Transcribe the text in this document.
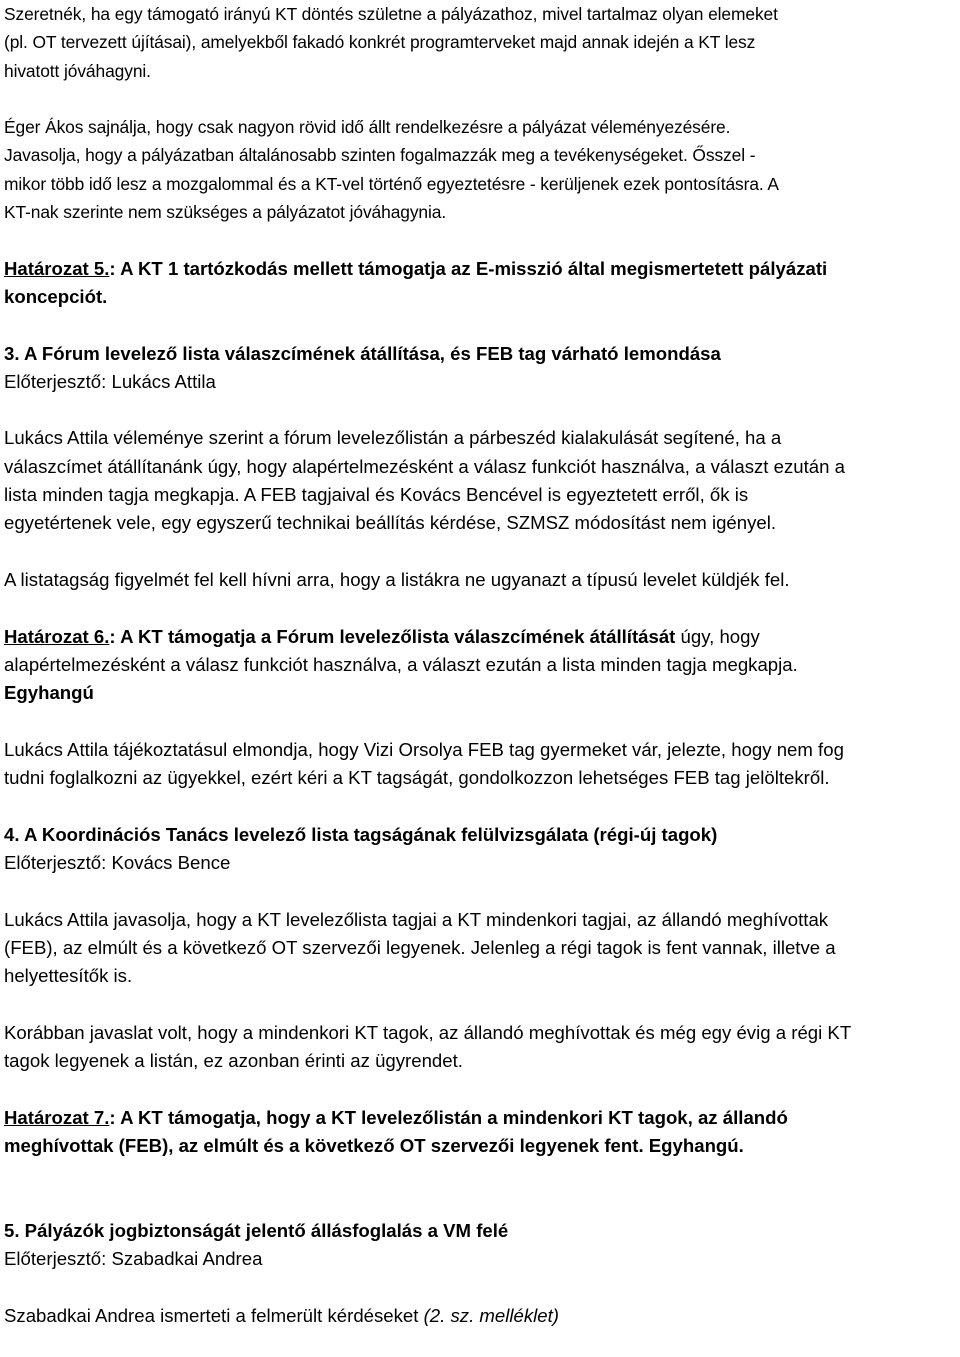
Szeretnék, ha egy támogató irányú KT döntés születne a pályázathoz, mivel tartalmaz olyan elemeket
(pl. OT tervezett újításai), amelyekből fakadó konkrét programterveket majd annak idején a KT lesz
hivatott jóváhagyni.

Éger Ákos sajnálja, hogy csak nagyon rövid idő állt rendelkezésre a pályázat véleményezésére.
Javasolja, hogy a pályázatban általánosabb szinten fogalmazzák meg a tevékenységeket. Ősszel -
mikor több idő lesz a mozgalommal és a KT-vel történő egyeztetésre - kerüljenek ezek pontosításra. A
KT-nak szerinte nem szükséges a pályázatot jóváhagynia.

Határozat 5.: A KT 1 tartózkodás mellett támogatja az E-misszió által megismertetett pályázati
koncepciót.

3. A Fórum levelező lista válaszcímének átállítása, és FEB tag várható lemondása
Előterjesztő: Lukács Attila

Lukács Attila véleménye szerint a fórum levelezőlistán a párbeszéd kialakulását segítené, ha a
válaszcímet átállítanánk úgy, hogy alapértelmezésként a válasz funkciót használva, a választ ezután a
lista minden tagja megkapja. A FEB tagjaival és Kovács Bencével is egyeztetett erről, ők is
egyetértenek vele, egy egyszerű technikai beállítás kérdése, SZMSZ módosítást nem igényel.

A listatagság figyelmét fel kell hívni arra, hogy a listákra ne ugyanazt a típusú levelet küldjék fel.

Határozat 6.: A KT támogatja a Fórum levelezőlista válaszcímének átállítását úgy, hogy
alapértelmezésként a válasz funkciót használva, a választ ezután a lista minden tagja megkapja.
Egyhangú

Lukács Attila tájékoztatásul elmondja, hogy Vizi Orsolya FEB tag gyermeket vár, jelezte, hogy nem fog
tudni foglalkozni az ügyekkel, ezért kéri a KT tagságát, gondolkozzon lehetséges FEB tag jelöltekről.

4. A Koordinációs Tanács levelező lista tagságának felülvizsgálata (régi-új tagok)
Előterjesztő: Kovács Bence

Lukács Attila javasolja, hogy a KT levelezőlista tagjai a KT mindenkori tagjai, az állandó meghívottak
(FEB), az elmúlt és a következő OT szervezői legyenek. Jelenleg a régi tagok is fent vannak, illetve a
helyettesítők is.

Korábban javaslat volt, hogy a mindenkori KT tagok, az állandó meghívottak és még egy évig a régi KT
tagok legyenek a listán, ez azonban érinti az ügyrendet.

Határozat 7.: A KT támogatja, hogy a KT levelezőlistán a mindenkori KT tagok, az állandó
meghívottak (FEB), az elmúlt és a következő OT szervezői legyenek fent. Egyhangú.

5. Pályázók jogbiztonságát jelentő állásfoglalás a VM felé
Előterjesztő: Szabadkai Andrea

Szabadkai Andrea ismerteti a felmerült kérdéseket (2. sz. melléklet)
